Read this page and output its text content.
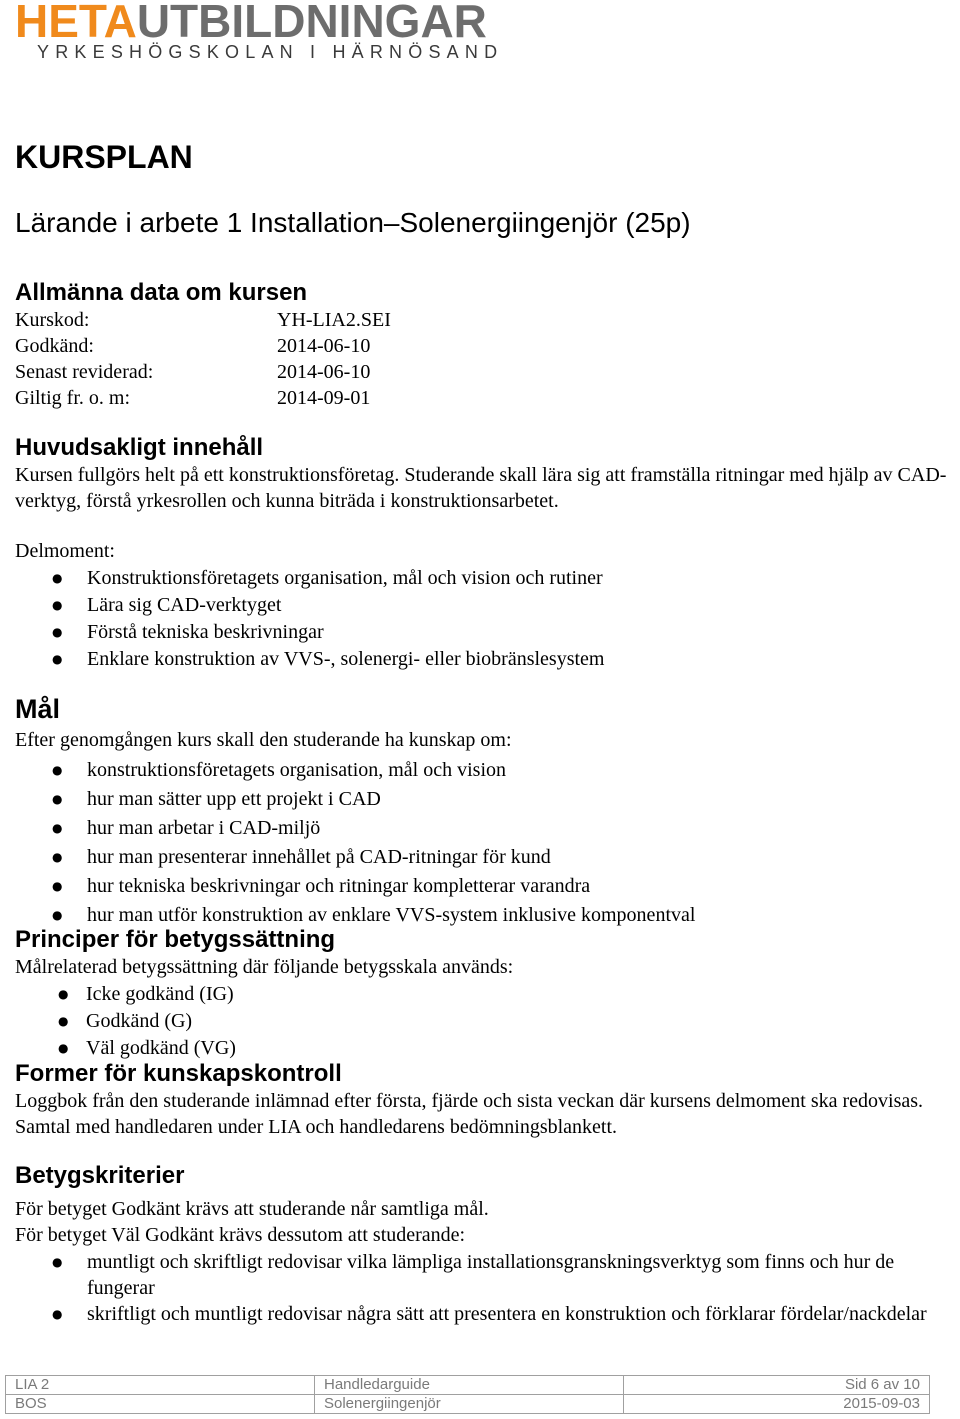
HETAUTBILDNINGAR
YRKESHÖGSKOLAN I HÄRNÖSAND
KURSPLAN
Lärande i arbete 1 Installation–Solenergiingenjör (25p)
Allmänna data om kursen
Kurskod:	YH-LIA2.SEI
Godkänd:	2014-06-10
Senast reviderad:	2014-06-10
Giltig fr. o. m:	2014-09-01
Huvudsakligt innehåll
Kursen fullgörs helt på ett konstruktionsföretag. Studerande skall lära sig att framställa ritningar med hjälp av CAD-verktyg, förstå yrkesrollen och kunna biträda i konstruktionsarbetet.
Delmoment:
● Konstruktionsföretagets organisation, mål och vision och rutiner
● Lära sig CAD-verktyget
● Förstå tekniska beskrivningar
● Enklare konstruktion av VVS-, solenergi- eller biobränslesystem
Mål
Efter genomgången kurs skall den studerande ha kunskap om:
● konstruktionsföretagets organisation, mål och vision
● hur man sätter upp ett projekt i CAD
● hur man arbetar i CAD-miljö
● hur man presenterar innehållet på CAD-ritningar för kund
● hur tekniska beskrivningar och ritningar kompletterar varandra
● hur man utför konstruktion av enklare VVS-system inklusive komponentval
Principer för betygssättning
Målrelaterad betygssättning där följande betygsskala används:
● Icke godkänd (IG)
● Godkänd (G)
● Väl godkänd (VG)
Former för kunskapskontroll
Loggbok från den studerande inlämnad efter första, fjärde och sista veckan där kursens delmoment ska redovisas. Samtal med handledaren under LIA och handledarens bedömningsblankett.
Betygskriterier
För betyget Godkänt krävs att studerande når samtliga mål.
För betyget Väl Godkänt krävs dessutom att studerande:
● muntligt och skriftligt redovisar vilka lämpliga installationsgranskningsverktyg som finns och hur de fungerar
● skriftligt och muntligt redovisar några sätt att presentera en konstruktion och förklarar fördelar/nackdelar
LIA 2	Handledarguide	Sid 6 av 10
BOS	Solenergiingenjör	2015-09-03
